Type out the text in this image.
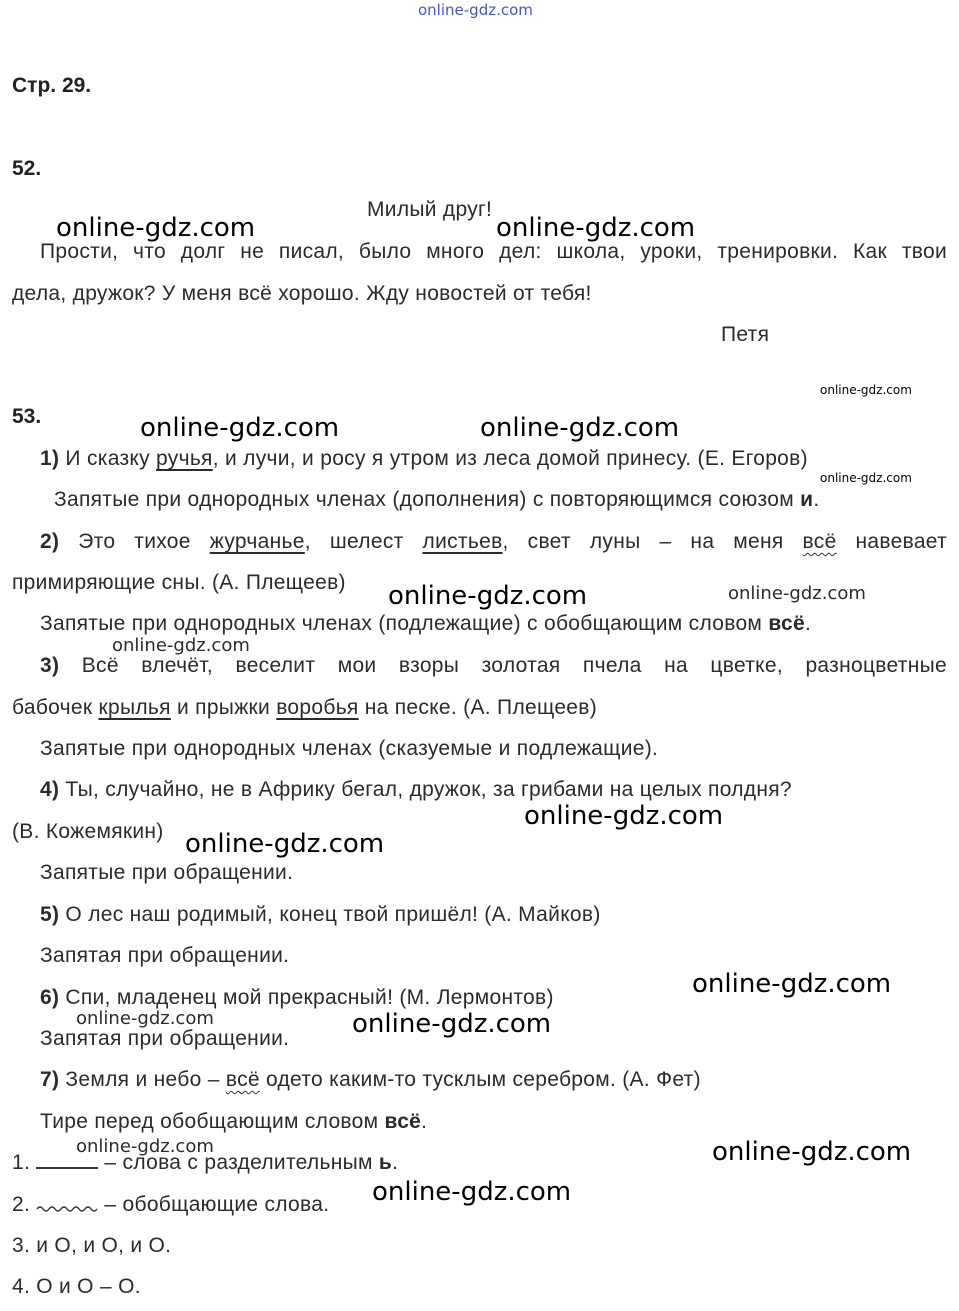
online-gdz.com
Стр. 29.
52.
Милый друг!
Прости, что долг не писал, было много дел: школа, уроки, тренировки. Как твои
дела, дружок? У меня всё хорошо. Жду новостей от тебя!
Петя
53.
1) И сказку ручья, и лучи, и росу я утром из леса домой принесу. (Е. Егоров)
Запятые при однородных членах (дополнения) с повторяющимся союзом и.
2) Это тихое журчанье, шелест листьев, свет луны – на меня всё навевает
примиряющие сны. (А. Плещеев)
Запятые при однородных членах (подлежащие) с обобщающим словом всё.
3) Всё влечёт, веселит мои взоры золотая пчела на цветке, разноцветные
бабочек крылья и прыжки воробья на песке. (А. Плещеев)
Запятые при однородных членах (сказуемые и подлежащие).
4) Ты, случайно, не в Африку бегал, дружок, за грибами на целых полдня?
(В. Кожемякин)
Запятые при обращении.
5) О лес наш родимый, конец твой пришёл! (А. Майков)
Запятая при обращении.
6) Спи, младенец мой прекрасный! (М. Лермонтов)
Запятая при обращении.
7) Земля и небо – всё одето каким-то тусклым серебром. (А. Фет)
Тире перед обобщающим словом всё.
1.	– слова с разделительным ь.
2.	– обобщающие слова.
3. и О, и О, и О.
4. О и О – О.
online-gdz.com	online-gdz.com
online-gdz.com	online-gdz.com
online-gdz.com
online-gdz.com
online-gdz.com
online-gdz.com
online-gdz.com
online-gdz.com
online-gdz.com
online-gdz.com
online-gdz.com
online-gdz.com
online-gdz.com
online-gdz.com
online-gdz.com
